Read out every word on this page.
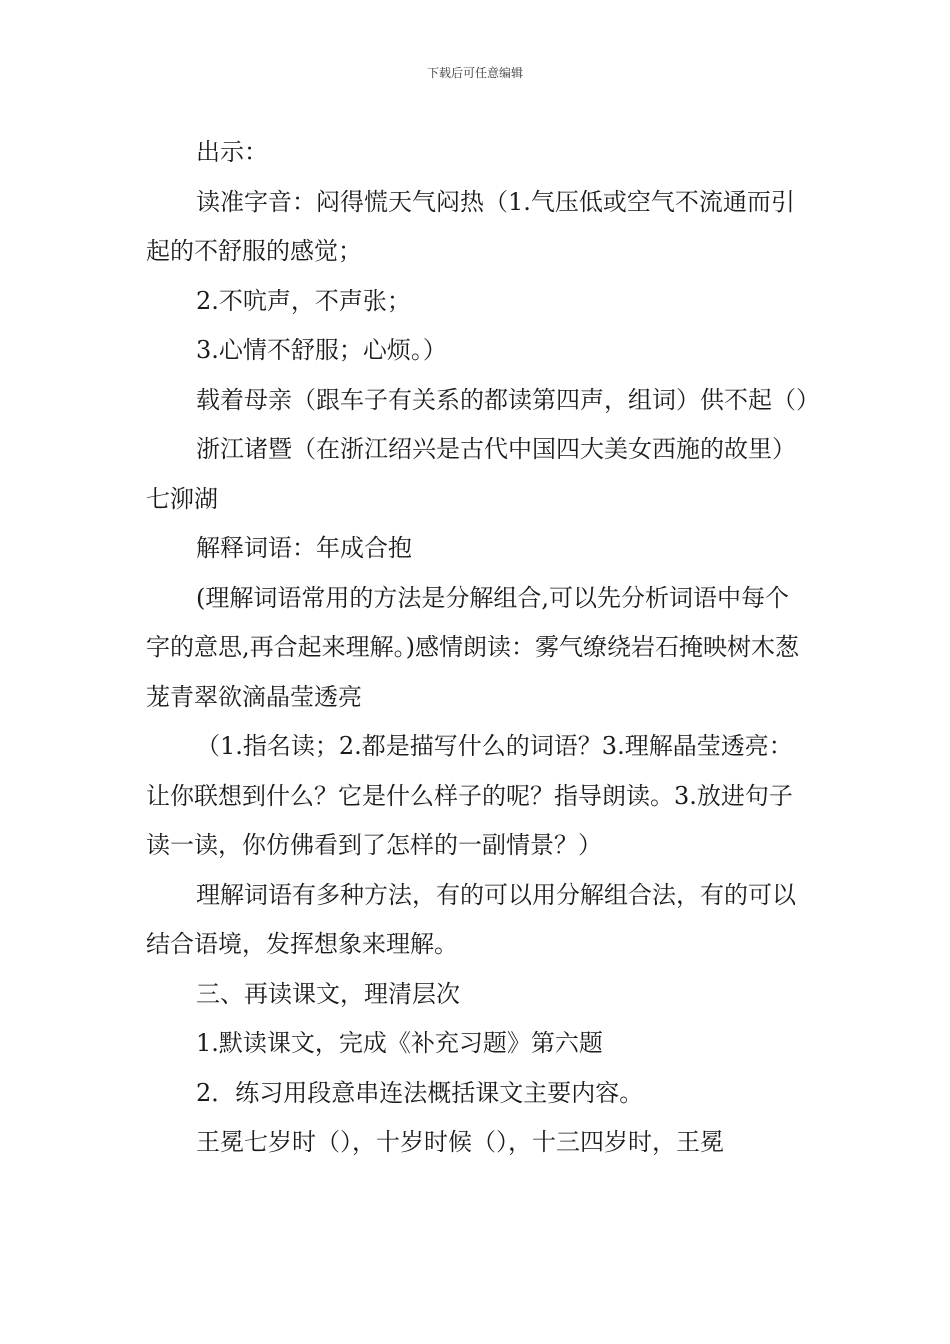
下载后可任意编辑

出示：

读准字音：闷得慌天气闷热（1.气压低或空气不流通而引起的不舒服的感觉；

2.不吭声，不声张；

3.心情不舒服；心烦。）

载着母亲（跟车子有关系的都读第四声，组词）供不起（）

浙江诸暨（在浙江绍兴是古代中国四大美女西施的故里）七泖湖

解释词语：年成合抱

(理解词语常用的方法是分解组合,可以先分析词语中每个字的意思,再合起来理解。)感情朗读：雾气缭绕岩石掩映树木葱茏青翠欲滴晶莹透亮

（1.指名读；2.都是描写什么的词语？3.理解晶莹透亮：让你联想到什么？它是什么样子的呢？指导朗读。3.放进句子读一读，你仿佛看到了怎样的一副情景？）

理解词语有多种方法，有的可以用分解组合法，有的可以结合语境，发挥想象来理解。

三、再读课文，理清层次

1.默读课文，完成《补充习题》第六题

2．练习用段意串连法概括课文主要内容。

王冕七岁时（），十岁时候（），十三四岁时，王冕
